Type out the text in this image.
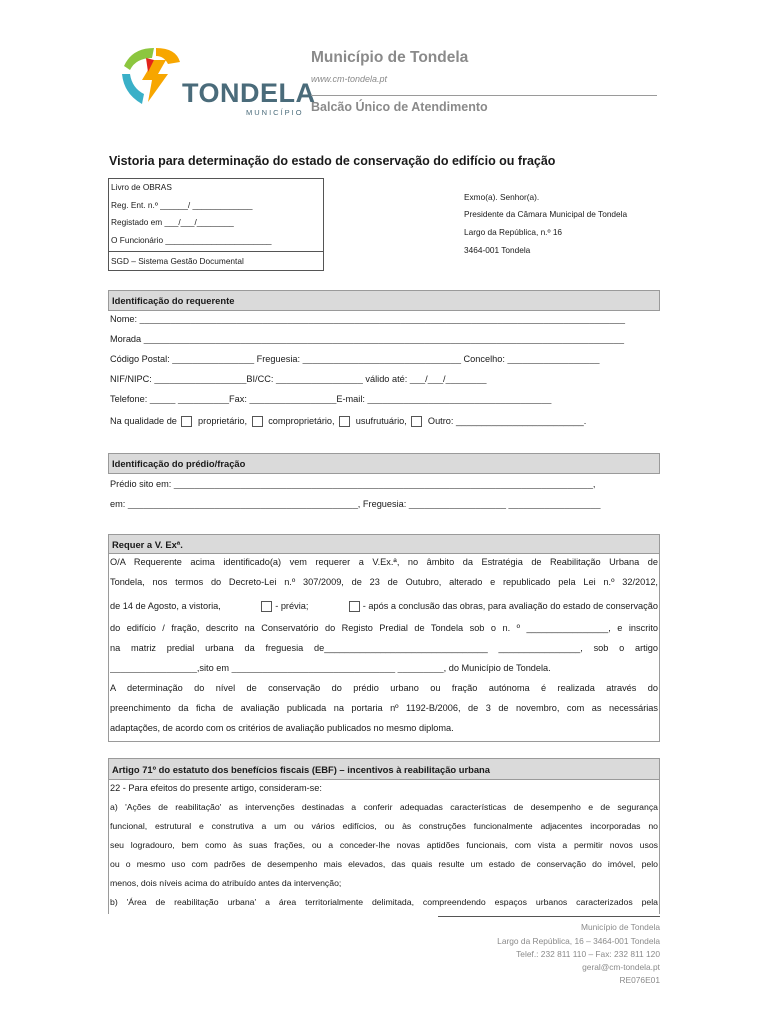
TONDELA
MUNICÍPIO
Município de Tondela
www.cm-tondela.pt
Balcão Único de Atendimento
Vistoria para determinação do estado de conservação do edifício ou fração
Livro de OBRAS
Reg. Ent. n.º ______/ _____________
Registado em ___/___/________
O Funcionário _______________________
SGD – Sistema Gestão Documental
Exmo(a). Senhor(a).
Presidente da Câmara Municipal de Tondela
Largo da República, n.º 16
3464-001 Tondela
Identificação do requerente
Nome: _______________________________________________________________________________________________
Morada ______________________________________________________________________________________________
Código Postal: ________________ Freguesia: _______________________________ Concelho: __________________
NIF/NIPC: __________________BI/CC: _________________ válido até: ___/___/________
Telefone: _____ __________Fax: _________________E-mail: ____________________________________
Na qualidade de proprietário, comproprietário, usufrutuário, Outro: _________________________.
Identificação do prédio/fração
Prédio sito em: __________________________________________________________________________________,
em: _____________________________________________, Freguesia: ___________________ __________________
Requer a V. Exª.
O/A Requerente acima identificado(a) vem requerer a V.Ex.ª, no âmbito da Estratégia de Reabilitação Urbana de
Tondela, nos termos do Decreto-Lei n.º 307/2009, de 23 de Outubro, alterado e republicado pela Lei n.º 32/2012,
de 14 de Agosto, a vistoria,	- prévia;	- após a conclusão das obras, para avaliação do estado de conservação
do edifício / fração, descrito na Conservatório do Registo Predial de Tondela sob o n. º ________________, e inscrito
na matriz predial urbana da freguesia de________________________________ ________________, sob o artigo
_________________,sito em ________________________________ _________, do Município de Tondela.
A determinação do nível de conservação do prédio urbano ou fração autónoma é realizada através do
preenchimento da ficha de avaliação publicada na portaria nº 1192-B/2006, de 3 de novembro, com as necessárias
adaptações, de acordo com os critérios de avaliação publicados no mesmo diploma.
Artigo 71º do estatuto dos benefícios fiscais (EBF) – incentivos à reabilitação urbana
22 - Para efeitos do presente artigo, consideram-se:
a) 'Ações de reabilitação' as intervenções destinadas a conferir adequadas características de desempenho e de segurança
funcional, estrutural e construtiva a um ou vários edifícios, ou às construções funcionalmente adjacentes incorporadas no
seu logradouro, bem como às suas frações, ou a conceder-lhe novas aptidões funcionais, com vista a permitir novos usos
ou o mesmo uso com padrões de desempenho mais elevados, das quais resulte um estado de conservação do imóvel, pelo
menos, dois níveis acima do atribuído antes da intervenção;
b) 'Área de reabilitação urbana' a área territorialmente delimitada, compreendendo espaços urbanos caracterizados pela
Município de Tondela
Largo da República, 16 – 3464-001 Tondela
Telef.: 232 811 110 – Fax: 232 811 120
geral@cm-tondela.pt
RE076E01
